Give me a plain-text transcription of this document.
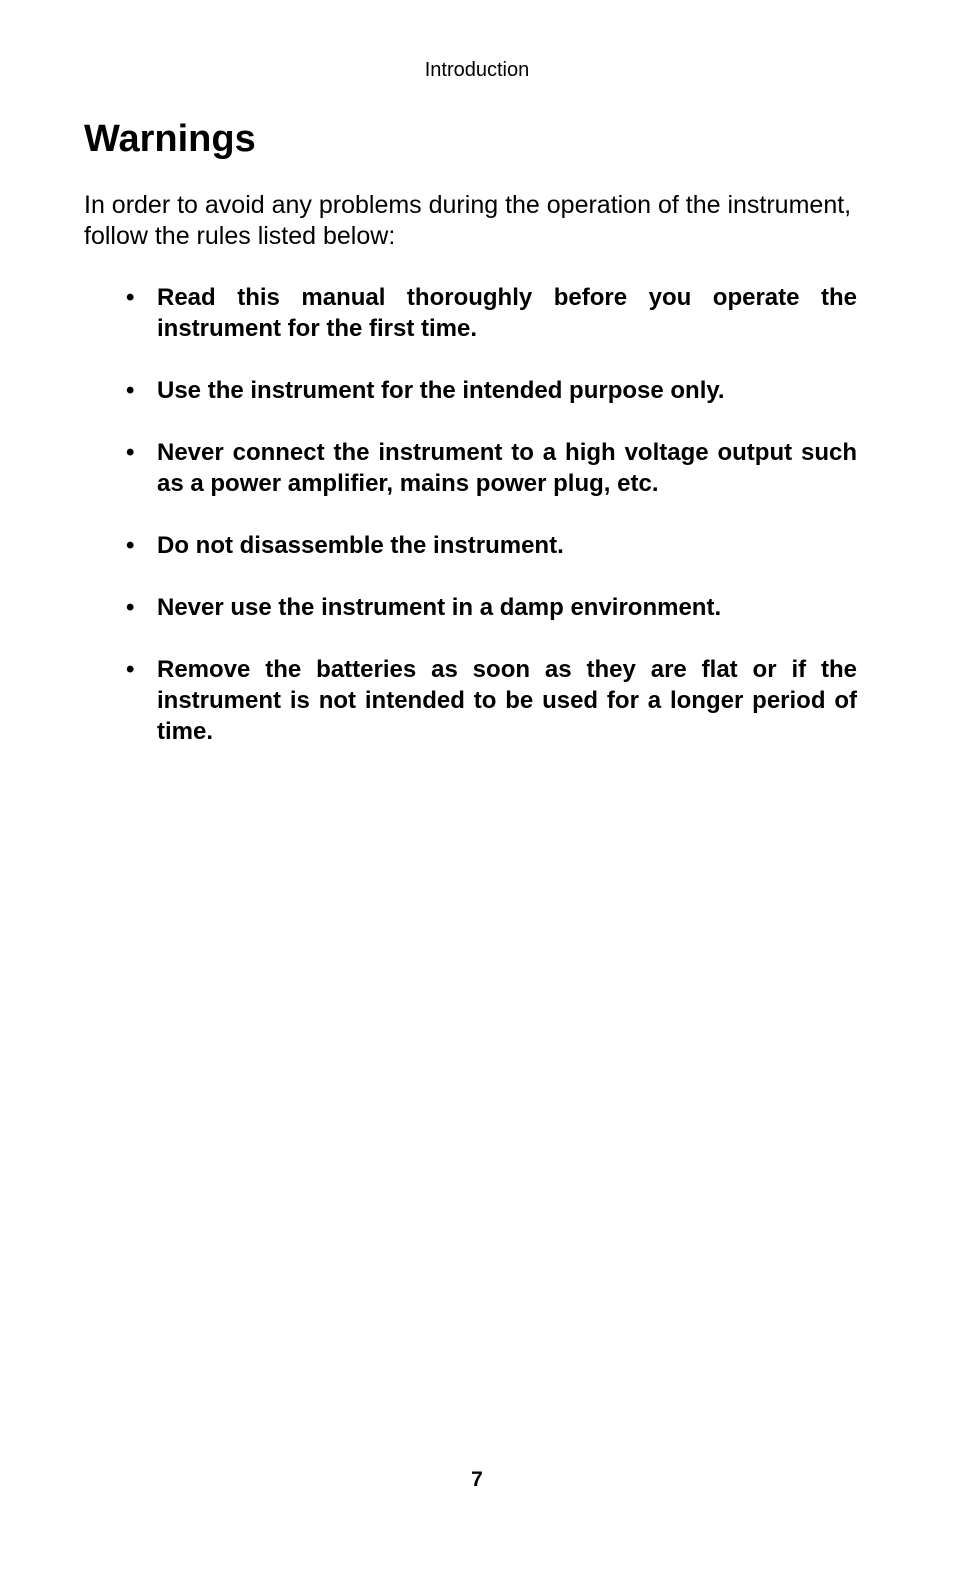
Introduction
Warnings

In order to avoid any problems during the operation of the instrument, follow the rules listed below:

• Read this manual thoroughly before you operate the instrument for the first time.
• Use the instrument for the intended purpose only.
• Never connect the instrument to a high voltage output such as a power amplifier, mains power plug, etc.
• Do not disassemble the instrument.
• Never use the instrument in a damp environment.
• Remove the batteries as soon as they are flat or if the instrument is not intended to be used for a longer period of time.
7
